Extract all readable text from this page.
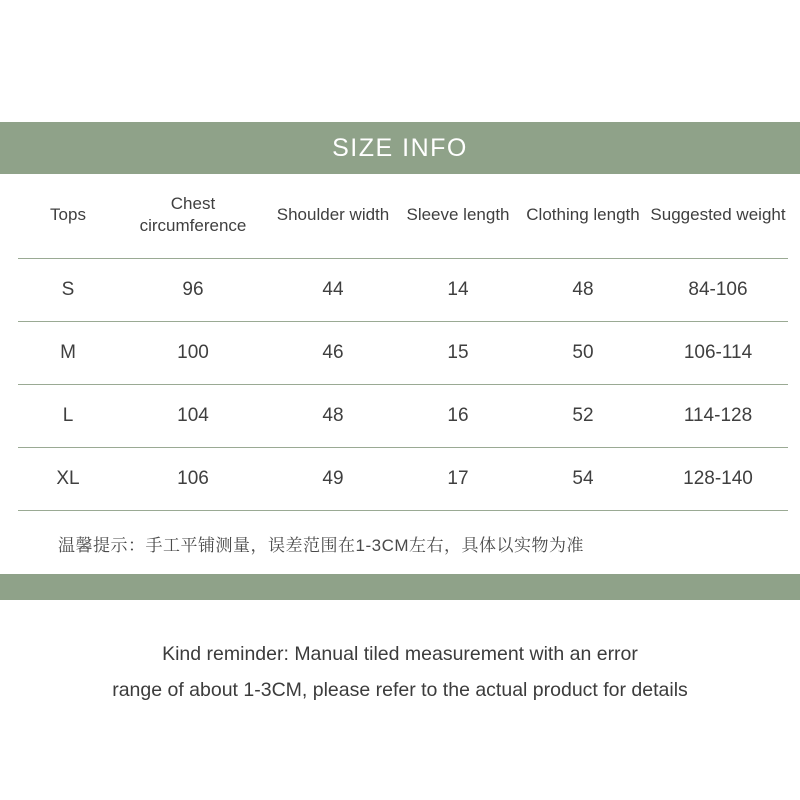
SIZE INFO
Tops	Chest circumference	Shoulder width	Sleeve length	Clothing length	Suggested weight
S	96	44	14	48	84-106
M	100	46	15	50	106-114
L	104	48	16	52	114-128
XL	106	49	17	54	128-140
温馨提示：手工平铺测量，误差范围在1-3CM左右，具体以实物为准
Kind reminder: Manual tiled measurement with an error
range of about 1-3CM, please refer to the actual product for details
